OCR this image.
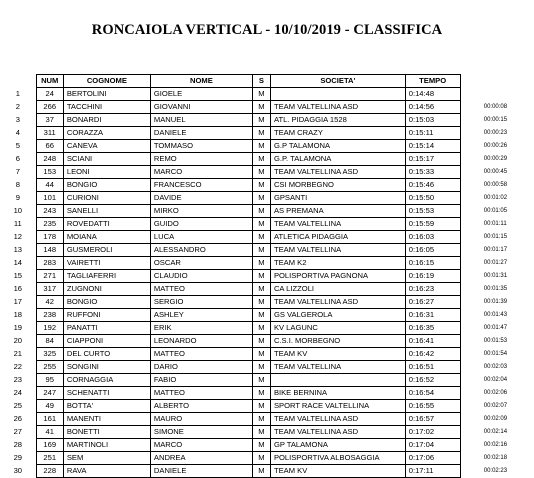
RONCAIOLA VERTICAL - 10/10/2019 - CLASSIFICA
	NUM	COGNOME	NOME	S	SOCIETA'	TEMPO		
1	24	BERTOLINI	GIOELE	M		0:14:48		
2	266	TACCHINI	GIOVANNI	M	TEAM VALTELLINA ASD	0:14:56		00:00:08
3	37	BONARDI	MANUEL	M	ATL. PIDAGGIA 1528	0:15:03		00:00:15
4	311	CORAZZA	DANIELE	M	TEAM CRAZY	0:15:11		00:00:23
5	66	CANEVA	TOMMASO	M	G.P TALAMONA	0:15:14		00:00:26
6	248	SCIANI	REMO	M	G.P. TALAMONA	0:15:17		00:00:29
7	153	LEONI	MARCO	M	TEAM VALTELLINA ASD	0:15:33		00:00:45
8	44	BONGIO	FRANCESCO	M	CSI MORBEGNO	0:15:46		00:00:58
9	101	CURIONI	DAVIDE	M	GPSANTI	0:15:50		00:01:02
10	243	SANELLI	MIRKO	M	AS PREMANA	0:15:53		00:01:05
11	235	ROVEDATTI	GUIDO	M	TEAM VALTELLINA	0:15:59		00:01:11
12	178	MOIANA	LUCA	M	ATLETICA PIDAGGIA	0:16:03		00:01:15
13	148	GUSMEROLI	ALESSANDRO	M	TEAM VALTELLINA	0:16:05		00:01:17
14	283	VAIRETTI	OSCAR	M	TEAM K2	0:16:15		00:01:27
15	271	TAGLIAFERRI	CLAUDIO	M	POLISPORTIVA PAGNONA	0:16:19		00:01:31
16	317	ZUGNONI	MATTEO	M	CA LIZZOLI	0:16:23		00:01:35
17	42	BONGIO	SERGIO	M	TEAM VALTELLINA ASD	0:16:27		00:01:39
18	238	RUFFONI	ASHLEY	M	GS VALGEROLA	0:16:31		00:01:43
19	192	PANATTI	ERIK	M	KV LAGUNC	0:16:35		00:01:47
20	84	CIAPPONI	LEONARDO	M	C.S.I. MORBEGNO	0:16:41		00:01:53
21	325	DEL CURTO	MATTEO	M	TEAM KV	0:16:42		00:01:54
22	255	SONGINI	DARIO	M	TEAM VALTELLINA	0:16:51		00:02:03
23	95	CORNAGGIA	FABIO	M		0:16:52		00:02:04
24	247	SCHENATTI	MATTEO	M	BIKE BERNINA	0:16:54		00:02:06
25	49	BOTTA'	ALBERTO	M	SPORT RACE VALTELLINA	0:16:55		00:02:07
26	161	MANENTI	MAURO	M	TEAM VALTELLINA ASD	0:16:57		00:02:09
27	41	BONETTI	SIMONE	M	TEAM VALTELLINA ASD	0:17:02		00:02:14
28	169	MARTINOLI	MARCO	M	GP TALAMONA	0:17:04		00:02:16
29	251	SEM	ANDREA	M	POLISPORTIVA ALBOSAGGIA	0:17:06		00:02:18
30	228	RAVA	DANIELE	M	TEAM KV	0:17:11		00:02:23
